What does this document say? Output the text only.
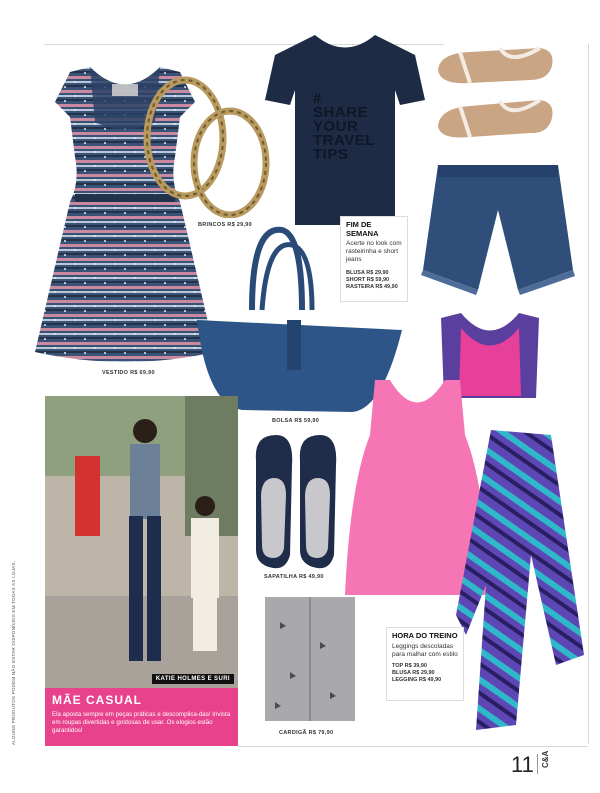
BRINCOS R$ 29,90
#
SHARE
YOUR
TRAVEL
TIPS
FIM DE SEMANA
Acerte no look com rasteirinha e short jeans
BLUSA R$ 29,90
SHORT R$ 59,90
RASTEIRA R$ 49,90
BOLSA R$ 59,90
VESTIDO R$ 69,90
HORA DO TREINO
Leggings descoladas para malhar com estilo
TOP R$ 39,90
BLUSA R$ 29,90
LEGGING R$ 49,90
SAPATILHA R$ 49,90
CARDIGÃ R$ 79,90
KATIE HOLMES E SURI
MÃE CASUAL
Ela aposta sempre em peças práticas e descomplica-das! Invista em roupas divertidas e gostosas de usar. Os elogios estão garantidos!
ALGUNS PRODUTOS PODEM NÃO ESTAR DISPONÍVEIS EM TODAS AS LOJAS.
11 C&A
